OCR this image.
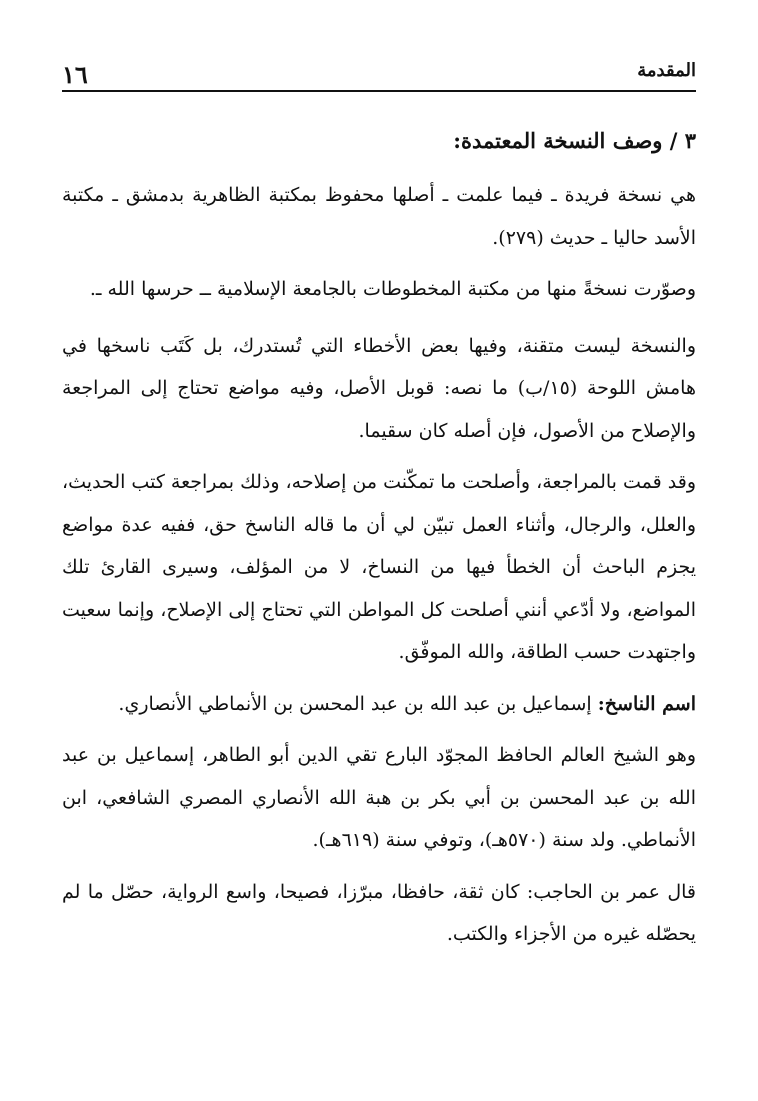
١٦	المقدمة
٣ / وصف النسخة المعتمدة:

هي نسخة فريدة ـ فيما علمت ـ أصلها محفوظ بمكتبة الظاهرية بدمشق ـ مكتبة الأسد حاليا ـ حديث (٢٧٩).

وصوّرت نسخةً منها من مكتبة المخطوطات بالجامعة الإسلامية ــ حرسها الله ـ.

والنسخة ليست متقنة، وفيها بعض الأخطاء التي تُستدرك، بل كَتَب ناسخها في هامش اللوحة (١٥/ب) ما نصه: قوبل الأصل، وفيه مواضع تحتاج إلى المراجعة والإصلاح من الأصول، فإن أصله كان سقيما.

وقد قمت بالمراجعة، وأصلحت ما تمكّنت من إصلاحه، وذلك بمراجعة كتب الحديث، والعلل، والرجال، وأثناء العمل تبيّن لي أن ما قاله الناسخ حق، ففيه عدة مواضع يجزم الباحث أن الخطأ فيها من النساخ، لا من المؤلف، وسيرى القارئ تلك المواضع، ولا أدّعي أنني أصلحت كل المواطن التي تحتاج إلى الإصلاح، وإنما سعيت واجتهدت حسب الطاقة، والله الموفّق.

اسم الناسخ: إسماعيل بن عبد الله بن عبد المحسن بن الأنماطي الأنصاري.

وهو الشيخ العالم الحافظ المجوّد البارع تقي الدين أبو الطاهر، إسماعيل بن عبد الله بن عبد المحسن بن أبي بكر بن هبة الله الأنصاري المصري الشافعي، ابن الأنماطي. ولد سنة (٥٧٠هـ)، وتوفي سنة (٦١٩هـ).

قال عمر بن الحاجب: كان ثقة، حافظا، مبرّزا، فصيحا، واسع الرواية، حصّل ما لم يحصّله غيره من الأجزاء والكتب.
